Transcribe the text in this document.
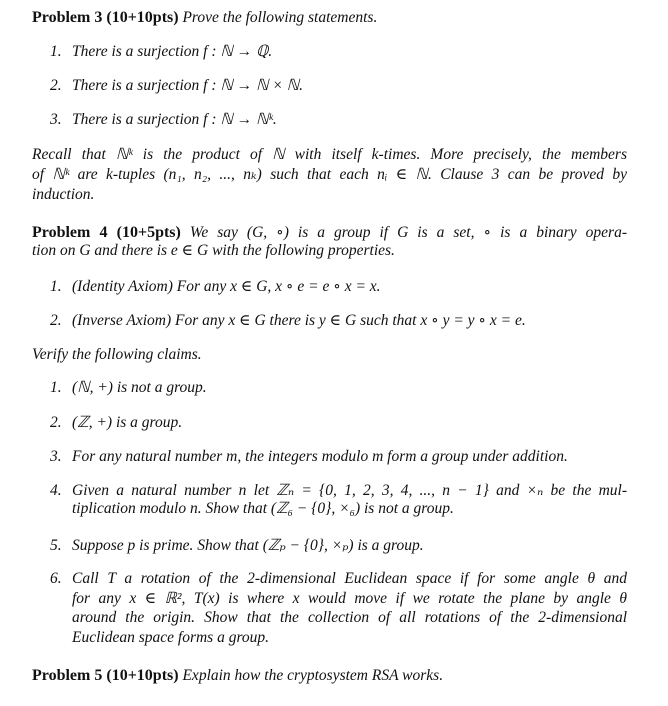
Problem 3 (10+10pts) Prove the following statements.
1. There is a surjection f : ℕ → ℚ.
2. There is a surjection f : ℕ → ℕ × ℕ.
3. There is a surjection f : ℕ → ℕᵏ.
Recall that ℕᵏ is the product of ℕ with itself k-times. More precisely, the members
of ℕᵏ are k-tuples (n₁, n₂, ..., nₖ) such that each nᵢ ∈ ℕ. Clause 3 can be proved by
induction.
Problem 4 (10+5pts) We say (G, ∘) is a group if G is a set, ∘ is a binary opera-
tion on G and there is e ∈ G with the following properties.
1. (Identity Axiom) For any x ∈ G, x ∘ e = e ∘ x = x.
2. (Inverse Axiom) For any x ∈ G there is y ∈ G such that x ∘ y = y ∘ x = e.
Verify the following claims.
1. (ℕ, +) is not a group.
2. (ℤ, +) is a group.
3. For any natural number m, the integers modulo m form a group under addition.
4. Given a natural number n let ℤₙ = {0, 1, 2, 3, 4, ..., n − 1} and ×ₙ be the mul-
tiplication modulo n. Show that (ℤ₆ − {0}, ×₆) is not a group.
5. Suppose p is prime. Show that (ℤₚ − {0}, ×ₚ) is a group.
6. Call T a rotation of the 2-dimensional Euclidean space if for some angle θ and
for any x ∈ ℝ², T(x) is where x would move if we rotate the plane by angle θ
around the origin. Show that the collection of all rotations of the 2-dimensional
Euclidean space forms a group.
Problem 5 (10+10pts) Explain how the cryptosystem RSA works.
